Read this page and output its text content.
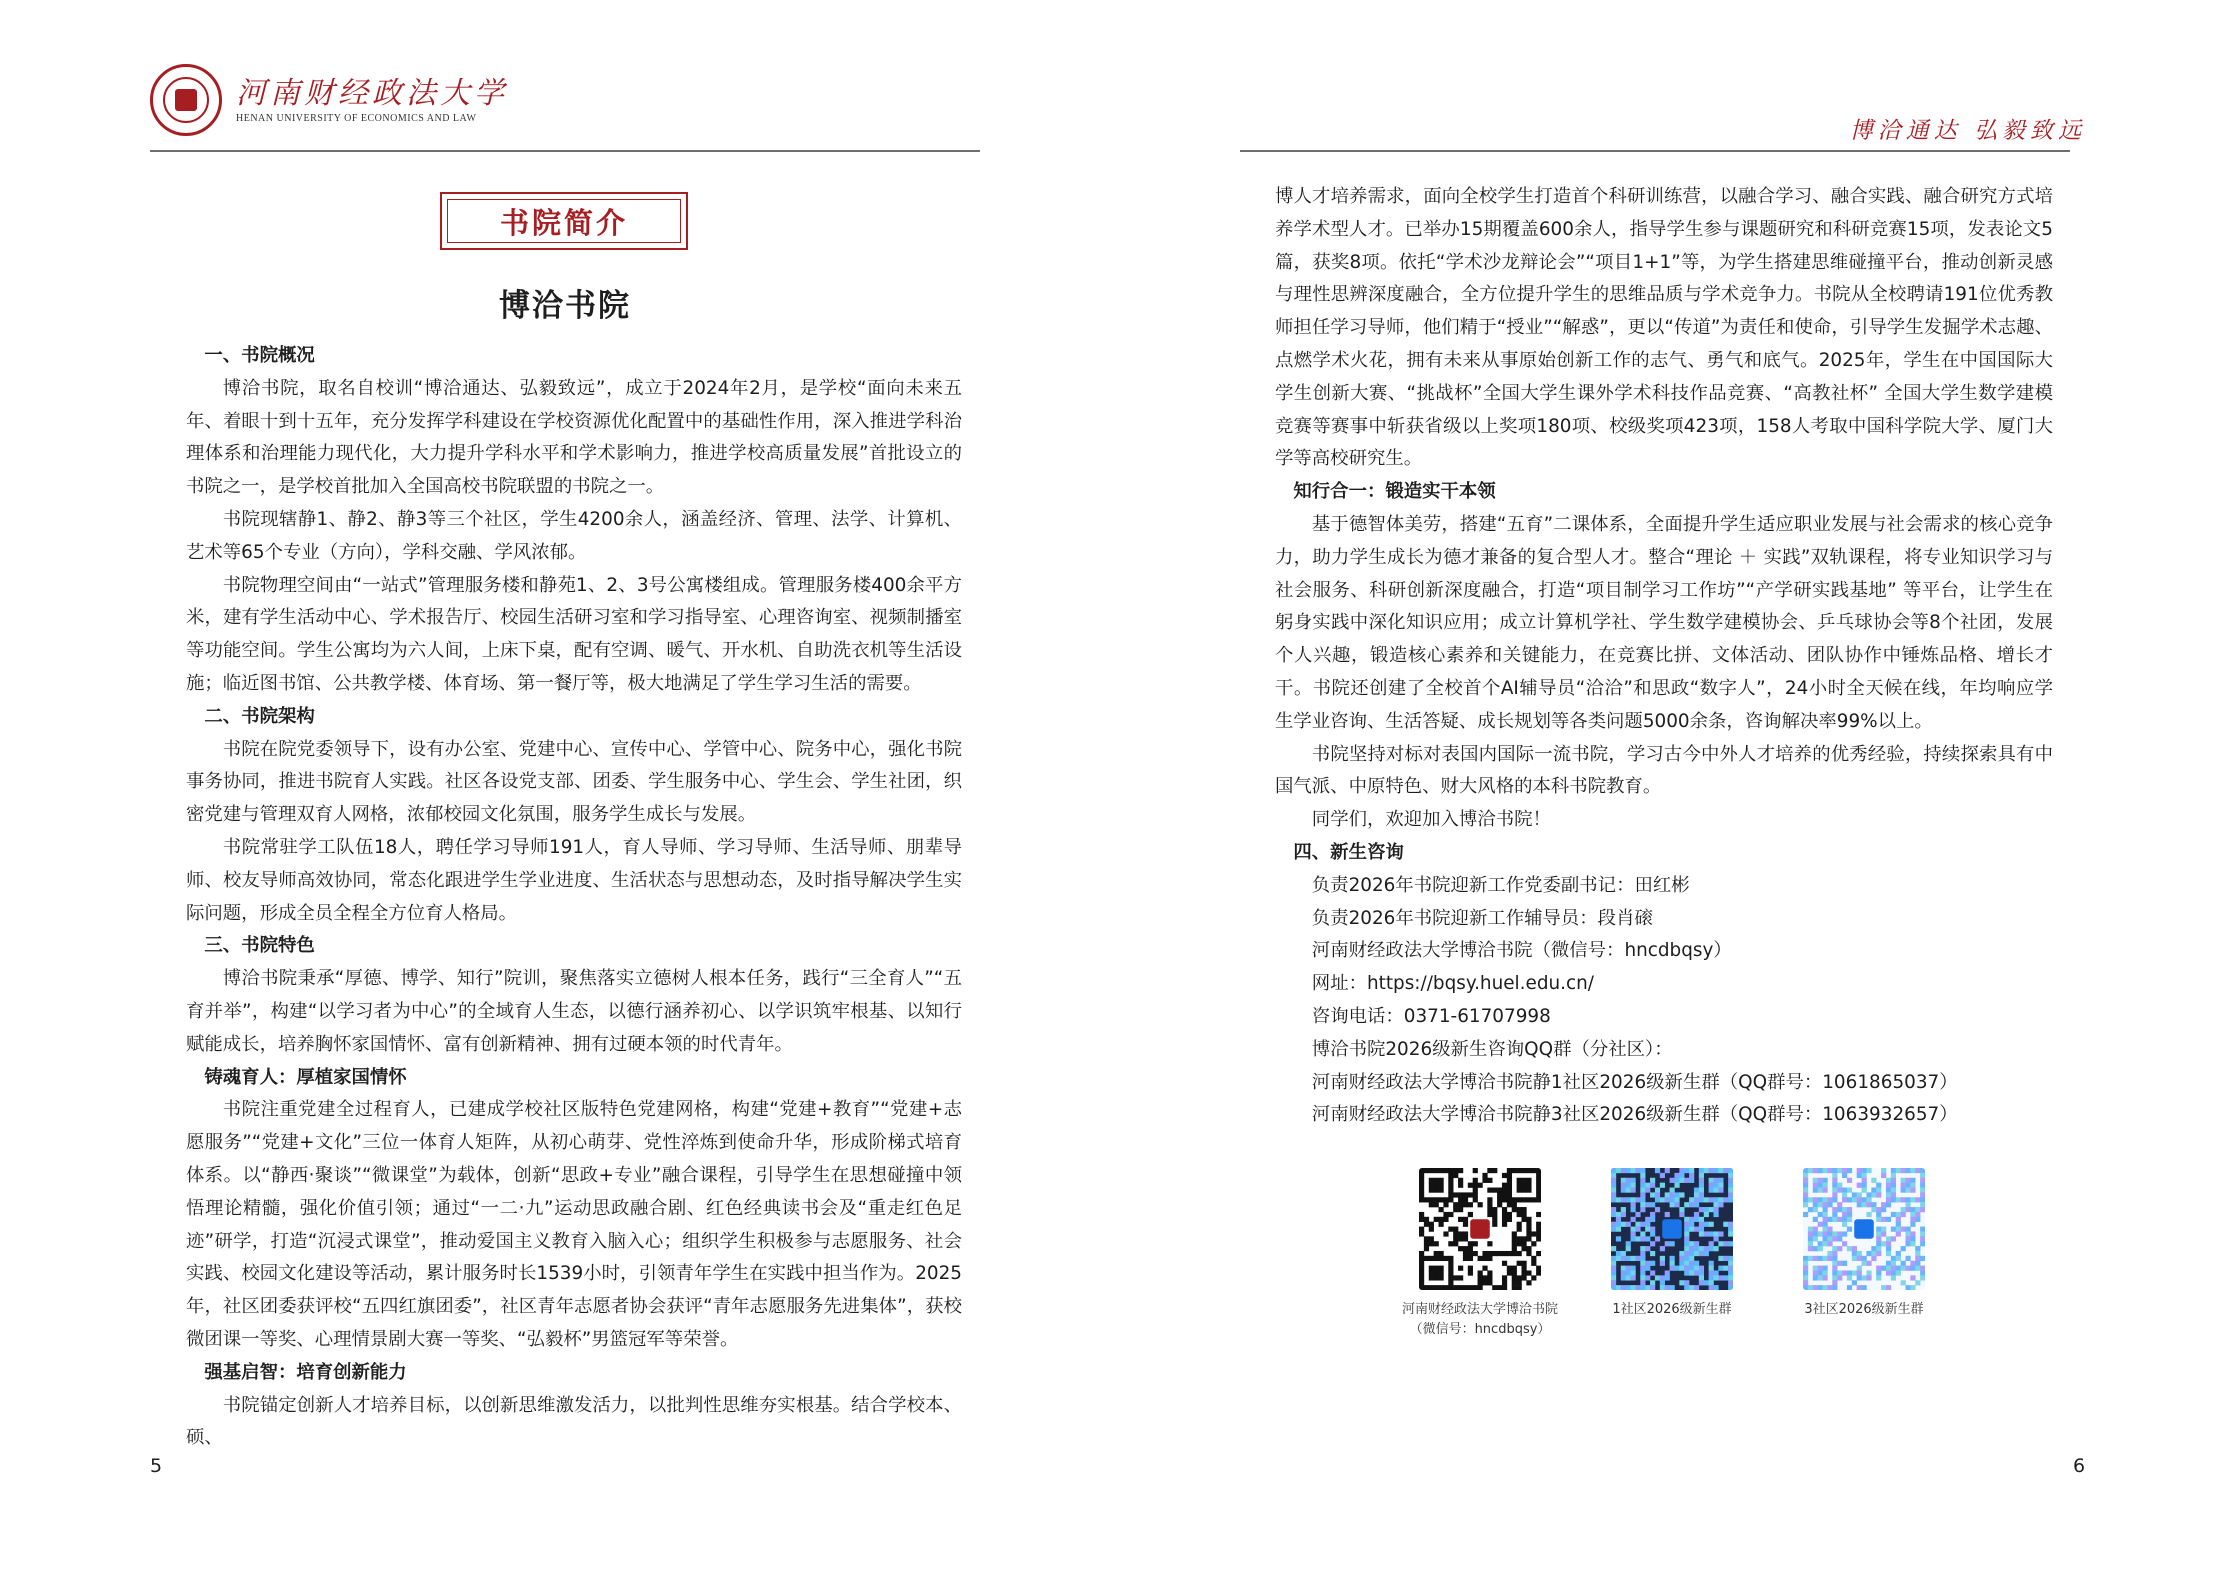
河南财经政法大学
HENAN UNIVERSITY OF ECONOMICS AND LAW
书院简介
博洽书院
一、书院概况

博洽书院，取名自校训“博洽通达、弘毅致远”，成立于2024年2月，是学校“面向未来五年、着眼十到十五年，充分发挥学科建设在学校资源优化配置中的基础性作用，深入推进学科治理体系和治理能力现代化，大力提升学科水平和学术影响力，推进学校高质量发展”首批设立的书院之一，是学校首批加入全国高校书院联盟的书院之一。

书院现辖静1、静2、静3等三个社区，学生4200余人，涵盖经济、管理、法学、计算机、艺术等65个专业（方向），学科交融、学风浓郁。

书院物理空间由“一站式”管理服务楼和静苑1、2、3号公寓楼组成。管理服务楼400余平方米，建有学生活动中心、学术报告厅、校园生活研习室和学习指导室、心理咨询室、视频制播室等功能空间。学生公寓均为六人间，上床下桌，配有空调、暖气、开水机、自助洗衣机等生活设施；临近图书馆、公共教学楼、体育场、第一餐厅等，极大地满足了学生学习生活的需要。

二、书院架构

书院在院党委领导下，设有办公室、党建中心、宣传中心、学管中心、院务中心，强化书院事务协同，推进书院育人实践。社区各设党支部、团委、学生服务中心、学生会、学生社团，织密党建与管理双育人网格，浓郁校园文化氛围，服务学生成长与发展。

书院常驻学工队伍18人，聘任学习导师191人，育人导师、学习导师、生活导师、朋辈导师、校友导师高效协同，常态化跟进学生学业进度、生活状态与思想动态，及时指导解决学生实际问题，形成全员全程全方位育人格局。

三、书院特色

博洽书院秉承“厚德、博学、知行”院训，聚焦落实立德树人根本任务，践行“三全育人”“五育并举”，构建“以学习者为中心”的全域育人生态，以德行涵养初心、以学识筑牢根基、以知行赋能成长，培养胸怀家国情怀、富有创新精神、拥有过硬本领的时代青年。

铸魂育人：厚植家国情怀

书院注重党建全过程育人，已建成学校社区版特色党建网格，构建“党建+教育”“党建+志愿服务”“党建+文化”三位一体育人矩阵，从初心萌芽、党性淬炼到使命升华，形成阶梯式培育体系。以“静西·聚谈”“微课堂”为载体，创新“思政+专业”融合课程，引导学生在思想碰撞中领悟理论精髓，强化价值引领；通过“一二·九”运动思政融合剧、红色经典读书会及“重走红色足迹”研学，打造“沉浸式课堂”，推动爱国主义教育入脑入心；组织学生积极参与志愿服务、社会实践、校园文化建设等活动，累计服务时长1539小时，引领青年学生在实践中担当作为。2025年，社区团委获评校“五四红旗团委”，社区青年志愿者协会获评“青年志愿服务先进集体”，获校微团课一等奖、心理情景剧大赛一等奖、“弘毅杯”男篮冠军等荣誉。

强基启智：培育创新能力

书院锚定创新人才培养目标，以创新思维激发活力，以批判性思维夯实根基。结合学校本、硕、

5
博洽通达 弘毅致远

博人才培养需求，面向全校学生打造首个科研训练营，以融合学习、融合实践、融合研究方式培养学术型人才。已举办15期覆盖600余人，指导学生参与课题研究和科研竞赛15项，发表论文5篇，获奖8项。依托“学术沙龙辩论会”“项目1+1”等，为学生搭建思维碰撞平台，推动创新灵感与理性思辨深度融合，全方位提升学生的思维品质与学术竞争力。书院从全校聘请191位优秀教师担任学习导师，他们精于“授业”“解惑”，更以“传道”为责任和使命，引导学生发掘学术志趣、点燃学术火花，拥有未来从事原始创新工作的志气、勇气和底气。2025年，学生在中国国际大学生创新大赛、“挑战杯”全国大学生课外学术科技作品竞赛、“高教社杯” 全国大学生数学建模竞赛等赛事中斩获省级以上奖项180项、校级奖项423项，158人考取中国科学院大学、厦门大学等高校研究生。

知行合一：锻造实干本领

基于德智体美劳，搭建“五育”二课体系，全面提升学生适应职业发展与社会需求的核心竞争力，助力学生成长为德才兼备的复合型人才。整合“理论 ＋ 实践”双轨课程，将专业知识学习与社会服务、科研创新深度融合，打造“项目制学习工作坊”“产学研实践基地” 等平台，让学生在躬身实践中深化知识应用；成立计算机学社、学生数学建模协会、乒乓球协会等8个社团，发展个人兴趣，锻造核心素养和关键能力，在竞赛比拼、文体活动、团队协作中锤炼品格、增长才干。书院还创建了全校首个AI辅导员“洽洽”和思政“数字人”，24小时全天候在线，年均响应学生学业咨询、生活答疑、成长规划等各类问题5000余条，咨询解决率99%以上。

书院坚持对标对表国内国际一流书院，学习古今中外人才培养的优秀经验，持续探索具有中国气派、中原特色、财大风格的本科书院教育。

同学们，欢迎加入博洽书院！

四、新生咨询
负责2026年书院迎新工作党委副书记：田红彬
负责2026年书院迎新工作辅导员：段肖磙
河南财经政法大学博洽书院（微信号：hncdbqsy）
网址：https://bqsy.huel.edu.cn/
咨询电话：0371-61707998
博洽书院2026级新生咨询QQ群（分社区）：
河南财经政法大学博洽书院静1社区2026级新生群（QQ群号：1061865037）
河南财经政法大学博洽书院静3社区2026级新生群（QQ群号：1063932657）
河南财经政法大学博洽书院
（微信号：hncdbqsy）
1社区2026级新生群	3社区2026级新生群
6
